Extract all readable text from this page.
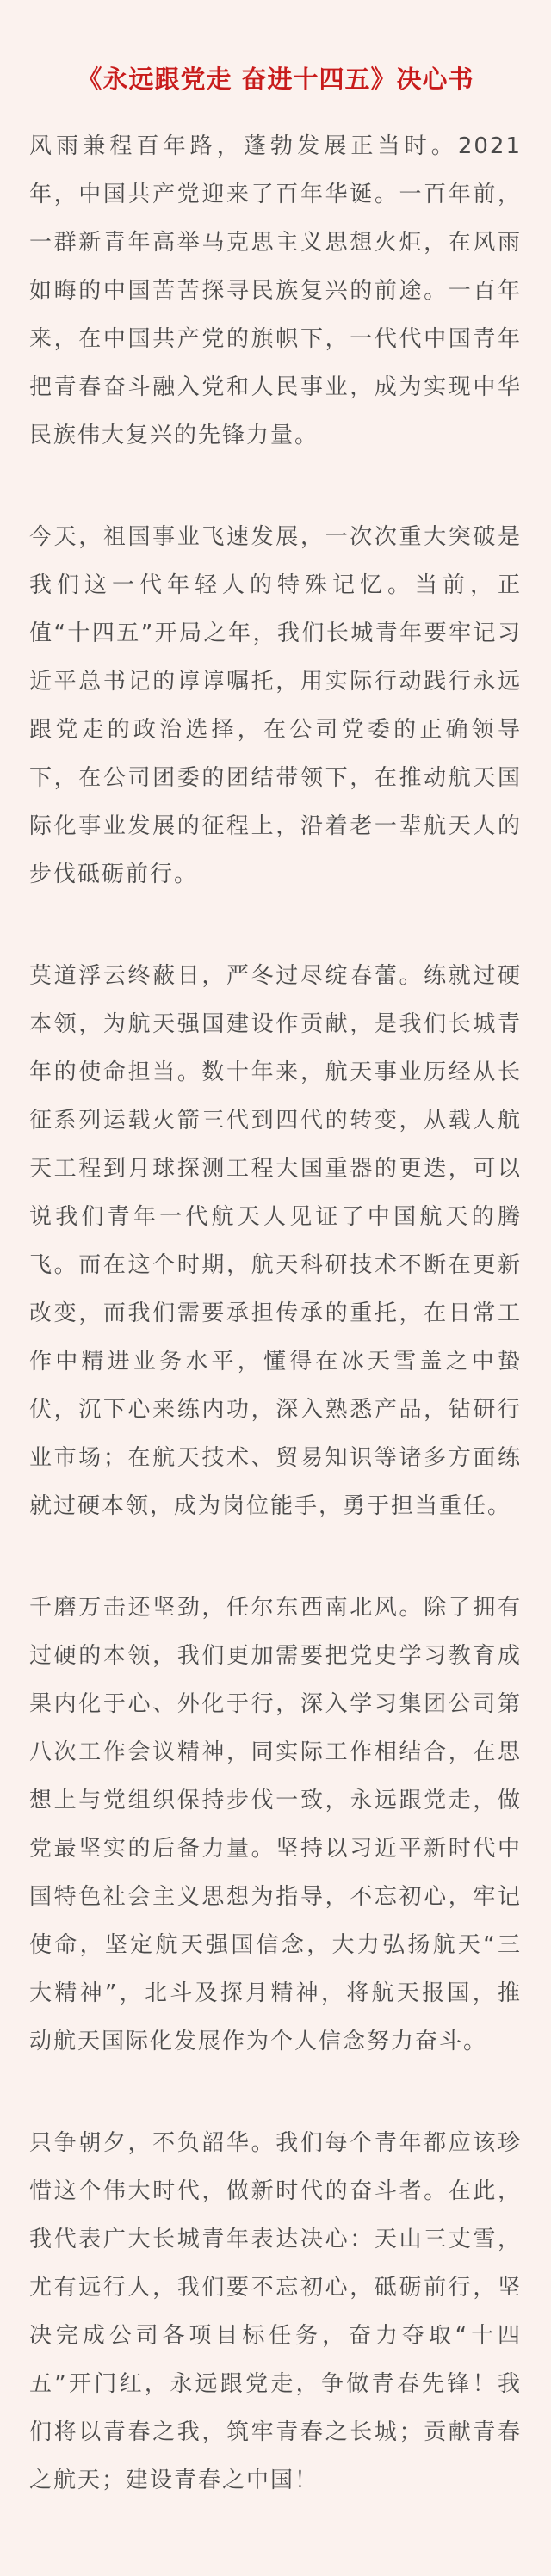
《永远跟党走 奋进十四五》决心书

风雨兼程百年路，蓬勃发展正当时。2021年，中国共产党迎来了百年华诞。一百年前，一群新青年高举马克思主义思想火炬，在风雨如晦的中国苦苦探寻民族复兴的前途。一百年来，在中国共产党的旗帜下，一代代中国青年把青春奋斗融入党和人民事业，成为实现中华民族伟大复兴的先锋力量。

今天，祖国事业飞速发展，一次次重大突破是我们这一代年轻人的特殊记忆。当前，正值“十四五”开局之年，我们长城青年要牢记习近平总书记的谆谆嘱托，用实际行动践行永远跟党走的政治选择，在公司党委的正确领导下，在公司团委的团结带领下，在推动航天国际化事业发展的征程上，沿着老一辈航天人的步伐砥砺前行。

莫道浮云终蔽日，严冬过尽绽春蕾。练就过硬本领，为航天强国建设作贡献，是我们长城青年的使命担当。数十年来，航天事业历经从长征系列运载火箭三代到四代的转变，从载人航天工程到月球探测工程大国重器的更迭，可以说我们青年一代航天人见证了中国航天的腾飞。而在这个时期，航天科研技术不断在更新改变，而我们需要承担传承的重托，在日常工作中精进业务水平，懂得在冰天雪盖之中蛰伏，沉下心来练内功，深入熟悉产品，钻研行业市场；在航天技术、贸易知识等诸多方面练就过硬本领，成为岗位能手，勇于担当重任。

千磨万击还坚劲，任尔东西南北风。除了拥有过硬的本领，我们更加需要把党史学习教育成果内化于心、外化于行，深入学习集团公司第八次工作会议精神，同实际工作相结合，在思想上与党组织保持步伐一致，永远跟党走，做党最坚实的后备力量。坚持以习近平新时代中国特色社会主义思想为指导，不忘初心，牢记使命，坚定航天强国信念，大力弘扬航天“三大精神”，北斗及探月精神，将航天报国，推动航天国际化发展作为个人信念努力奋斗。

只争朝夕，不负韶华。我们每个青年都应该珍惜这个伟大时代，做新时代的奋斗者。在此，我代表广大长城青年表达决心：天山三丈雪，尤有远行人，我们要不忘初心，砥砺前行，坚决完成公司各项目标任务，奋力夺取“十四五”开门红，永远跟党走，争做青春先锋！我们将以青春之我，筑牢青春之长城；贡献青春之航天；建设青春之中国！
